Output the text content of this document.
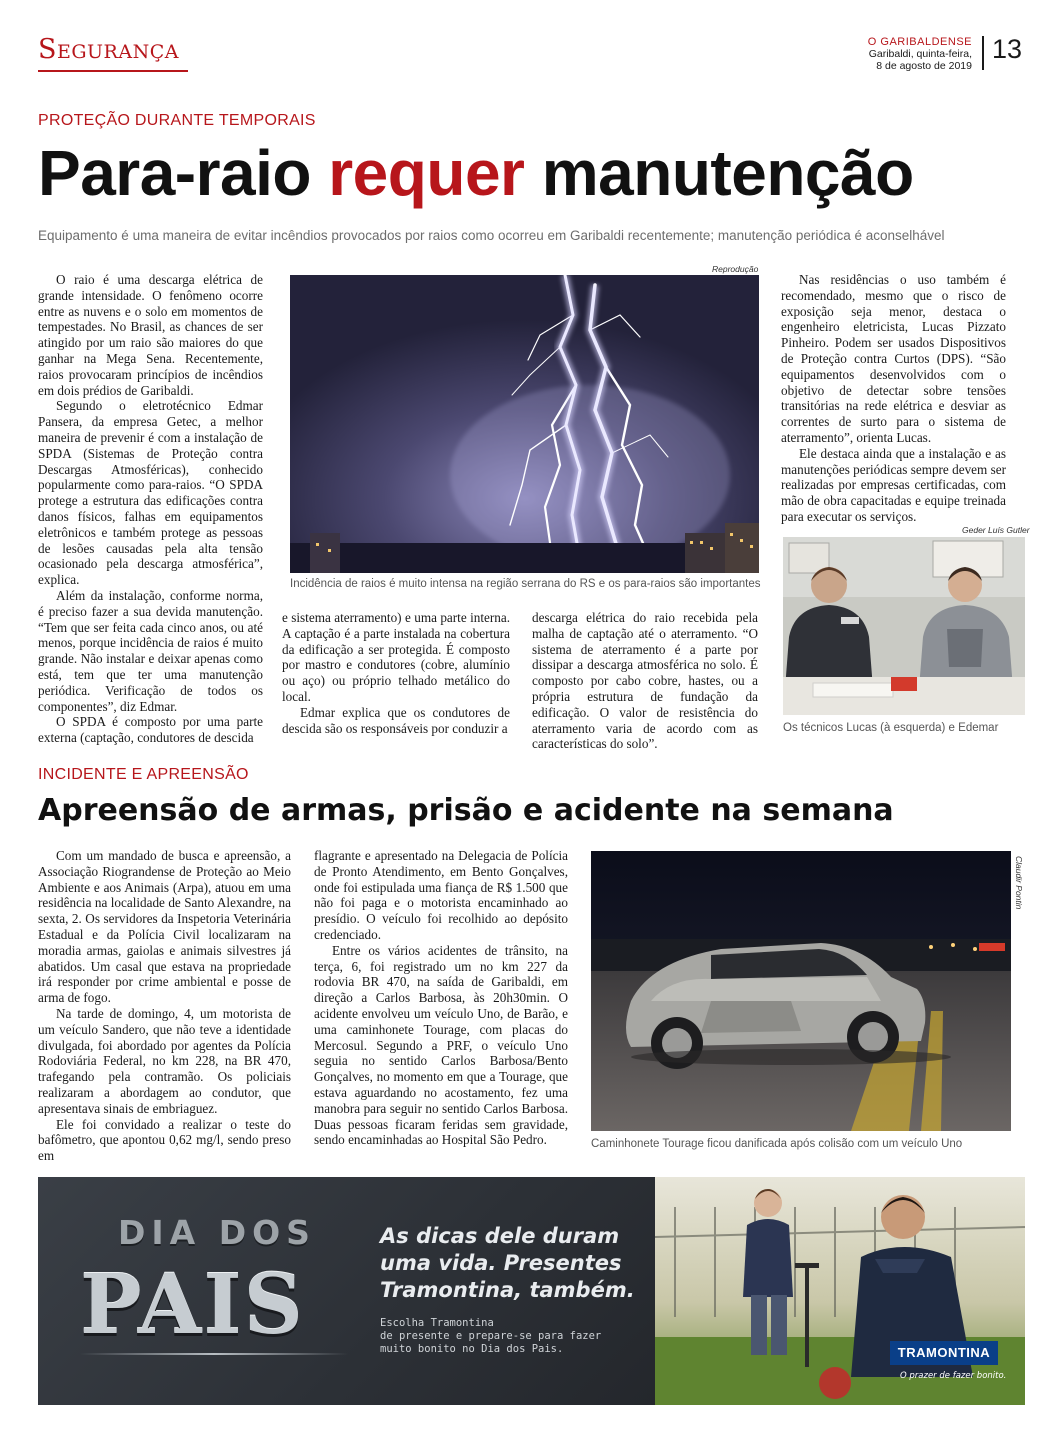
Segurança	O GARIBALDENSE
Garibaldi, quinta-feira,
8 de agosto de 2019
13
PROTEÇÃO DURANTE TEMPORAIS
Para-raio requer manutenção
Equipamento é uma maneira de evitar incêndios provocados por raios como ocorreu em Garibaldi recentemente; manutenção periódica é aconselhável

O raio é uma descarga elétrica de grande intensidade. O fenômeno ocorre entre as nuvens e o solo em momentos de tempestades. No Brasil, as chances de ser atingido por um raio são maiores do que ganhar na Mega Sena. Recentemente, raios provocaram princípios de incêndios em dois prédios de Garibaldi.

Segundo o eletrotécnico Edmar Pansera, da empresa Getec, a melhor maneira de prevenir é com a instalação de SPDA (Sistemas de Proteção contra Descargas Atmosféricas), conhecido popularmente como para-raios. “O SPDA protege a estrutura das edificações contra danos físicos, falhas em equipamentos eletrônicos e também protege as pessoas de lesões causadas pela alta tensão ocasionado pela descarga atmosférica”, explica.

Além da instalação, conforme norma, é preciso fazer a sua devida manutenção. “Tem que ser feita cada cinco anos, ou até menos, porque incidência de raios é muito grande. Não instalar e deixar apenas como está, tem que ter uma manutenção periódica. Verificação de todos os componentes”, diz Edmar.

O SPDA é composto por uma parte externa (captação, condutores de descida

Reprodução
Incidência de raios é muito intensa na região serrana do RS e os para-raios são importantes

e sistema aterramento) e uma parte interna. A captação é a parte instalada na cobertura da edificação a ser protegida. É composto por mastro e condutores (cobre, alumínio ou aço) ou próprio telhado metálico do local.

Edmar explica que os condutores de descida são os responsáveis por conduzir a

descarga elétrica do raio recebida pela malha de captação até o aterramento. “O sistema de aterramento é a parte por dissipar a descarga atmosférica no solo. É composto por cabo cobre, hastes, ou a própria estrutura de fundação da edificação. O valor de resistência do aterramento varia de acordo com as características do solo”.

Nas residências o uso também é recomendado, mesmo que o risco de exposição seja menor, destaca o engenheiro eletricista, Lucas Pizzato Pinheiro. Podem ser usados Dispositivos de Proteção contra Curtos (DPS). “São equipamentos desenvolvidos com o objetivo de detectar sobre tensões transitórias na rede elétrica e desviar as correntes de surto para o sistema de aterramento”, orienta Lucas.

Ele destaca ainda que a instalação e as manutenções periódicas sempre devem ser realizadas por empresas certificadas, com mão de obra capacitadas e equipe treinada para executar os serviços.

Geder Luís Gutler
Os técnicos Lucas (à esquerda) e Edemar
INCIDENTE E APREENSÃO
Apreensão de armas, prisão e acidente na semana

Com um mandado de busca e apreensão, a Associação Riograndense de Proteção ao Meio Ambiente e aos Animais (Arpa), atuou em uma residência na localidade de Santo Alexandre, na sexta, 2. Os servidores da Inspetoria Veterinária Estadual e da Polícia Civil localizaram na moradia armas, gaiolas e animais silvestres já abatidos. Um casal que estava na propriedade irá responder por crime ambiental e posse de arma de fogo.

Na tarde de domingo, 4, um motorista de um veículo Sandero, que não teve a identidade divulgada, foi abordado por agentes da Polícia Rodoviária Federal, no km 228, na BR 470, trafegando pela contramão. Os policiais realizaram a abordagem ao condutor, que apresentava sinais de embriaguez.

Ele foi convidado a realizar o teste do bafômetro, que apontou 0,62 mg/l, sendo preso em

flagrante e apresentado na Delegacia de Polícia de Pronto Atendimento, em Bento Gonçalves, onde foi estipulada uma fiança de R$ 1.500 que não foi paga e o motorista encaminhado ao presídio. O veículo foi recolhido ao depósito credenciado.

Entre os vários acidentes de trânsito, na terça, 6, foi registrado um no km 227 da rodovia BR 470, na saída de Garibaldi, em direção a Carlos Barbosa, às 20h30min. O acidente envolveu um veículo Uno, de Barão, e uma caminhonete Tourage, com placas do Mercosul. Segundo a PRF, o veículo Uno seguia no sentido Carlos Barbosa/Bento Gonçalves, no momento em que a Tourage, que estava aguardando no acostamento, fez uma manobra para seguir no sentido Carlos Barbosa. Duas pessoas ficaram feridas sem gravidade, sendo encaminhadas ao Hospital São Pedro.

Claudir Pontin
Caminhonete Tourage ficou danificada após colisão com um veículo Uno
DIA DOS
PAIS
As dicas dele duram
uma vida. Presentes
Tramontina, também.
Escolha Tramontina
de presente e prepare-se para fazer
muito bonito no Dia dos Pais.	TRAMONTINA
O prazer de fazer bonito.
